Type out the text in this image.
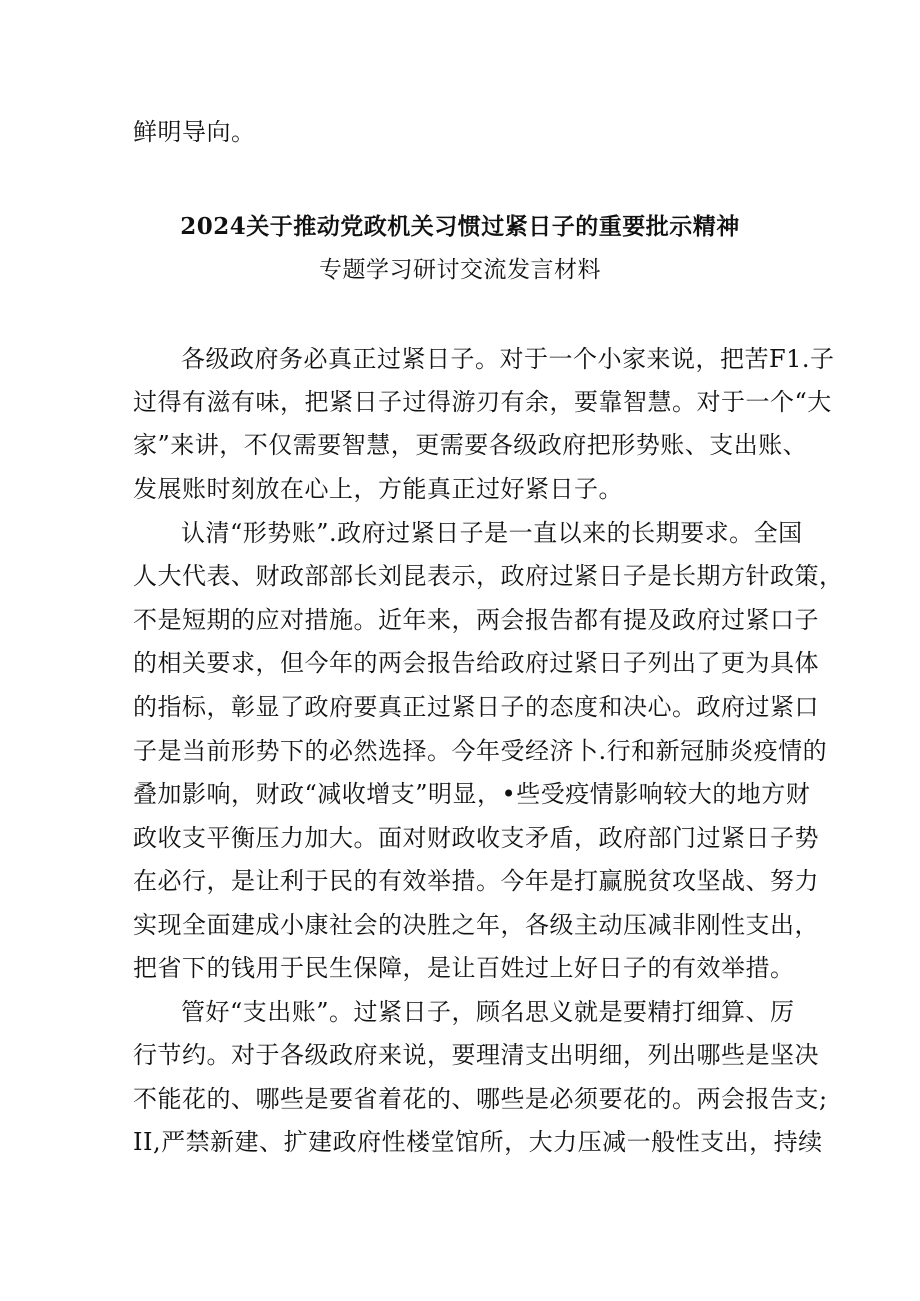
鲜明导向。

2024关于推动党政机关习惯过紧日子的重要批示精神
专题学习研讨交流发言材料

各级政府务必真正过紧日子。对于一个小家来说，把苦F1.子

过得有滋有味，把紧日子过得游刃有余，要靠智慧。对于一个“大

家”来讲，不仅需要智慧，更需要各级政府把形势账、支出账、

发展账时刻放在心上，方能真正过好紧日子。

认清“形势账”.政府过紧日子是一直以来的长期要求。全国

人大代表、财政部部长刘昆表示，政府过紧日子是长期方针政策，

不是短期的应对措施。近年来，两会报告都有提及政府过紧口子

的相关要求，但今年的两会报告给政府过紧日子列出了更为具体

的指标，彰显了政府要真正过紧日子的态度和决心。政府过紧口

子是当前形势下的必然选择。今年受经济卜.行和新冠肺炎疫情的

叠加影响，财政“减收增支”明显，•些受疫情影响较大的地方财

政收支平衡压力加大。面对财政收支矛盾，政府部门过紧日子势

在必行，是让利于民的有效举措。今年是打赢脱贫攻坚战、努力

实现全面建成小康社会的决胜之年，各级主动压减非刚性支出，

把省下的钱用于民生保障，是让百姓过上好日子的有效举措。

管好“支出账”。过紧日子，顾名思义就是要精打细算、厉

行节约。对于各级政府来说，要理清支出明细，列出哪些是坚决

不能花的、哪些是要省着花的、哪些是必须要花的。两会报告支;

II,严禁新建、扩建政府性楼堂馆所，大力压减一般性支出，持续
